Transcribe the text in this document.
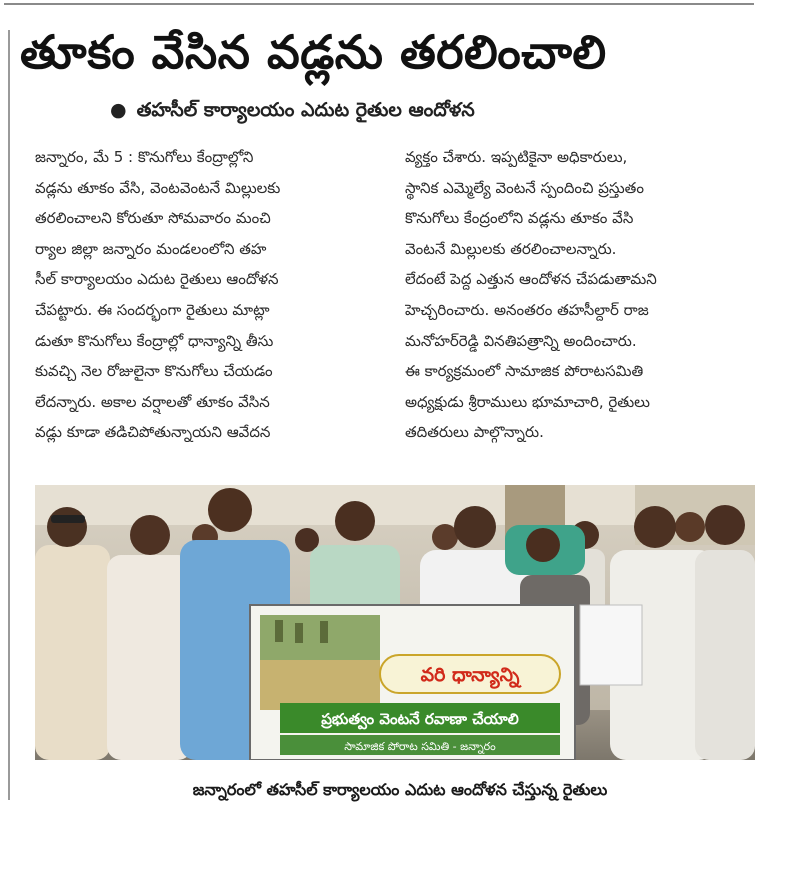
తూకం వేసిన వడ్లను తరలించాలి
● తహసీల్ కార్యాలయం ఎదుట రైతుల ఆందోళన
జన్నారం, మే 5 : కొనుగోలు కేంద్రాల్లోని
వడ్లను తూకం వేసి, వెంటవెంటనే మిల్లులకు
తరలించాలని కోరుతూ సోమవారం మంచి
ర్యాల జిల్లా జన్నారం మండలంలోని తహ
సీల్ కార్యాలయం ఎదుట రైతులు ఆందోళన
చేపట్టారు. ఈ సందర్భంగా రైతులు మాట్లా
డుతూ కొనుగోలు కేంద్రాల్లో ధాన్యాన్ని తీసు
కువచ్చి నెల రోజులైనా కొనుగోలు చేయడం
లేదన్నారు. అకాల వర్షాలతో తూకం వేసిన
వడ్లు కూడా తడిచిపోతున్నాయని ఆవేదన
వ్యక్తం చేశారు. ఇప్పటికైనా అధికారులు,
స్థానిక ఎమ్మెల్యే వెంటనే స్పందించి ప్రస్తుతం
కొనుగోలు కేంద్రంలోని వడ్లను తూకం వేసి
వెంటనే మిల్లులకు తరలించాలన్నారు.
లేదంటే పెద్ద ఎత్తున ఆందోళన చేపడుతామని
హెచ్చరించారు. అనంతరం తహసీల్దార్ రాజ
మనోహర్‌రెడ్డి వినతిపత్రాన్ని అందించారు.
ఈ కార్యక్రమంలో సామాజిక పోరాటసమితి
అధ్యక్షుడు శ్రీరాములు భూమాచారి, రైతులు
తదితరులు పాల్గొన్నారు.
వరి ధాన్యాన్ని
ప్రభుత్వం వెంటనే రవాణా చేయాలి
సామాజిక పోరాట సమితి - జన్నారం
జన్నారంలో తహసీల్ కార్యాలయం ఎదుట ఆందోళన చేస్తున్న రైతులు
